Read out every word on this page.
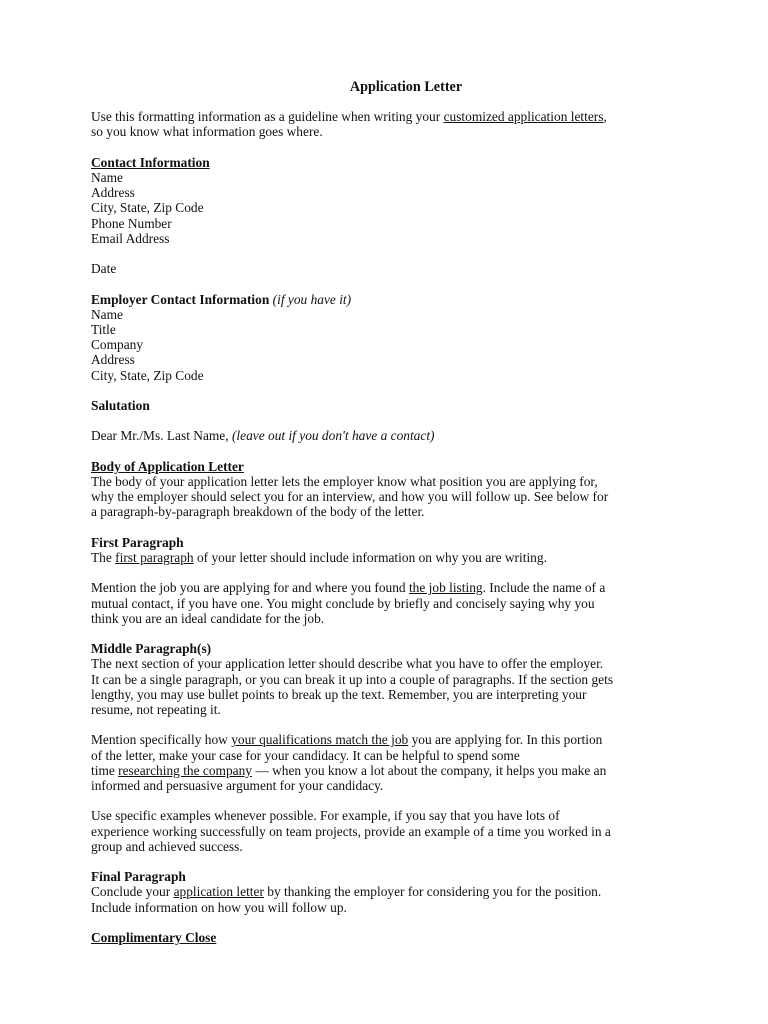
Application Letter

Use this formatting information as a guideline when writing your customized application letters,
so you know what information goes where.

Contact Information
Name
Address
City, State, Zip Code
Phone Number
Email Address

Date

Employer Contact Information (if you have it)
Name
Title
Company
Address
City, State, Zip Code

Salutation

Dear Mr./Ms. Last Name, (leave out if you don't have a contact)

Body of Application Letter
The body of your application letter lets the employer know what position you are applying for,
why the employer should select you for an interview, and how you will follow up. See below for
a paragraph-by-paragraph breakdown of the body of the letter.

First Paragraph
The first paragraph of your letter should include information on why you are writing.

Mention the job you are applying for and where you found the job listing. Include the name of a
mutual contact, if you have one. You might conclude by briefly and concisely saying why you
think you are an ideal candidate for the job.

Middle Paragraph(s)
The next section of your application letter should describe what you have to offer the employer.
It can be a single paragraph, or you can break it up into a couple of paragraphs. If the section gets
lengthy, you may use bullet points to break up the text. Remember, you are interpreting your
resume, not repeating it.

Mention specifically how your qualifications match the job you are applying for. In this portion
of the letter, make your case for your candidacy. It can be helpful to spend some
time researching the company — when you know a lot about the company, it helps you make an
informed and persuasive argument for your candidacy.

Use specific examples whenever possible. For example, if you say that you have lots of
experience working successfully on team projects, provide an example of a time you worked in a
group and achieved success.

Final Paragraph
Conclude your application letter by thanking the employer for considering you for the position.
Include information on how you will follow up.

Complimentary Close
